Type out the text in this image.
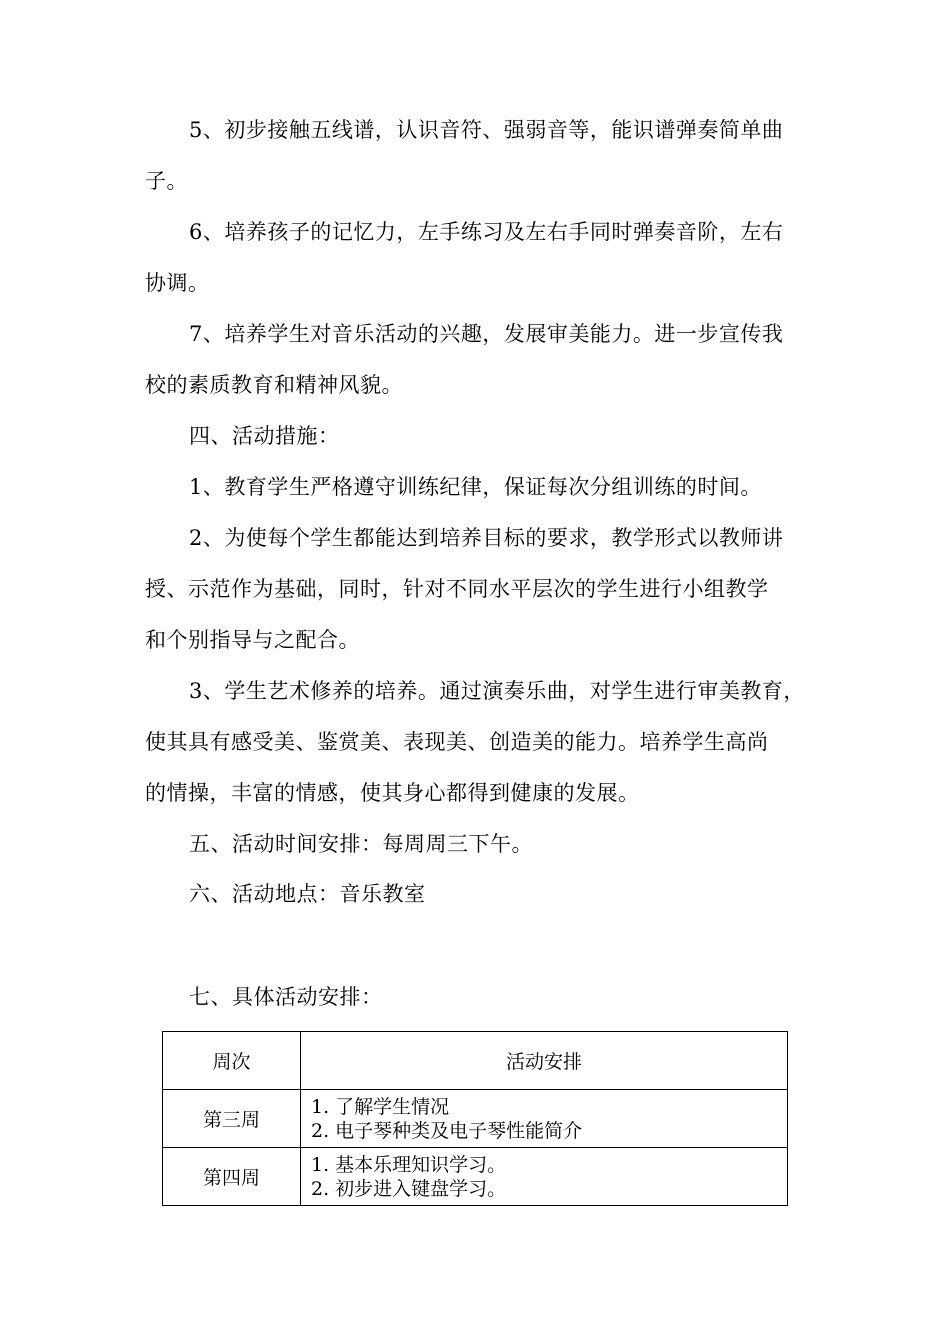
5、初步接触五线谱，认识音符、强弱音等，能识谱弹奏简单曲
子。
6、培养孩子的记忆力，左手练习及左右手同时弹奏音阶，左右
协调。
7、培养学生对音乐活动的兴趣，发展审美能力。进一步宣传我
校的素质教育和精神风貌。
四、活动措施：
1、教育学生严格遵守训练纪律，保证每次分组训练的时间。
2、为使每个学生都能达到培养目标的要求，教学形式以教师讲
授、示范作为基础，同时，针对不同水平层次的学生进行小组教学
和个别指导与之配合。
3、学生艺术修养的培养。通过演奏乐曲，对学生进行审美教育，
使其具有感受美、鉴赏美、表现美、创造美的能力。培养学生高尚
的情操，丰富的情感，使其身心都得到健康的发展。
五、活动时间安排：每周周三下午。
六、活动地点：音乐教室
七、具体活动安排：
周次	活动安排
第三周	1. 了解学生情况
2. 电子琴种类及电子琴性能简介

第四周	1. 基本乐理知识学习。
2. 初步进入键盘学习。
